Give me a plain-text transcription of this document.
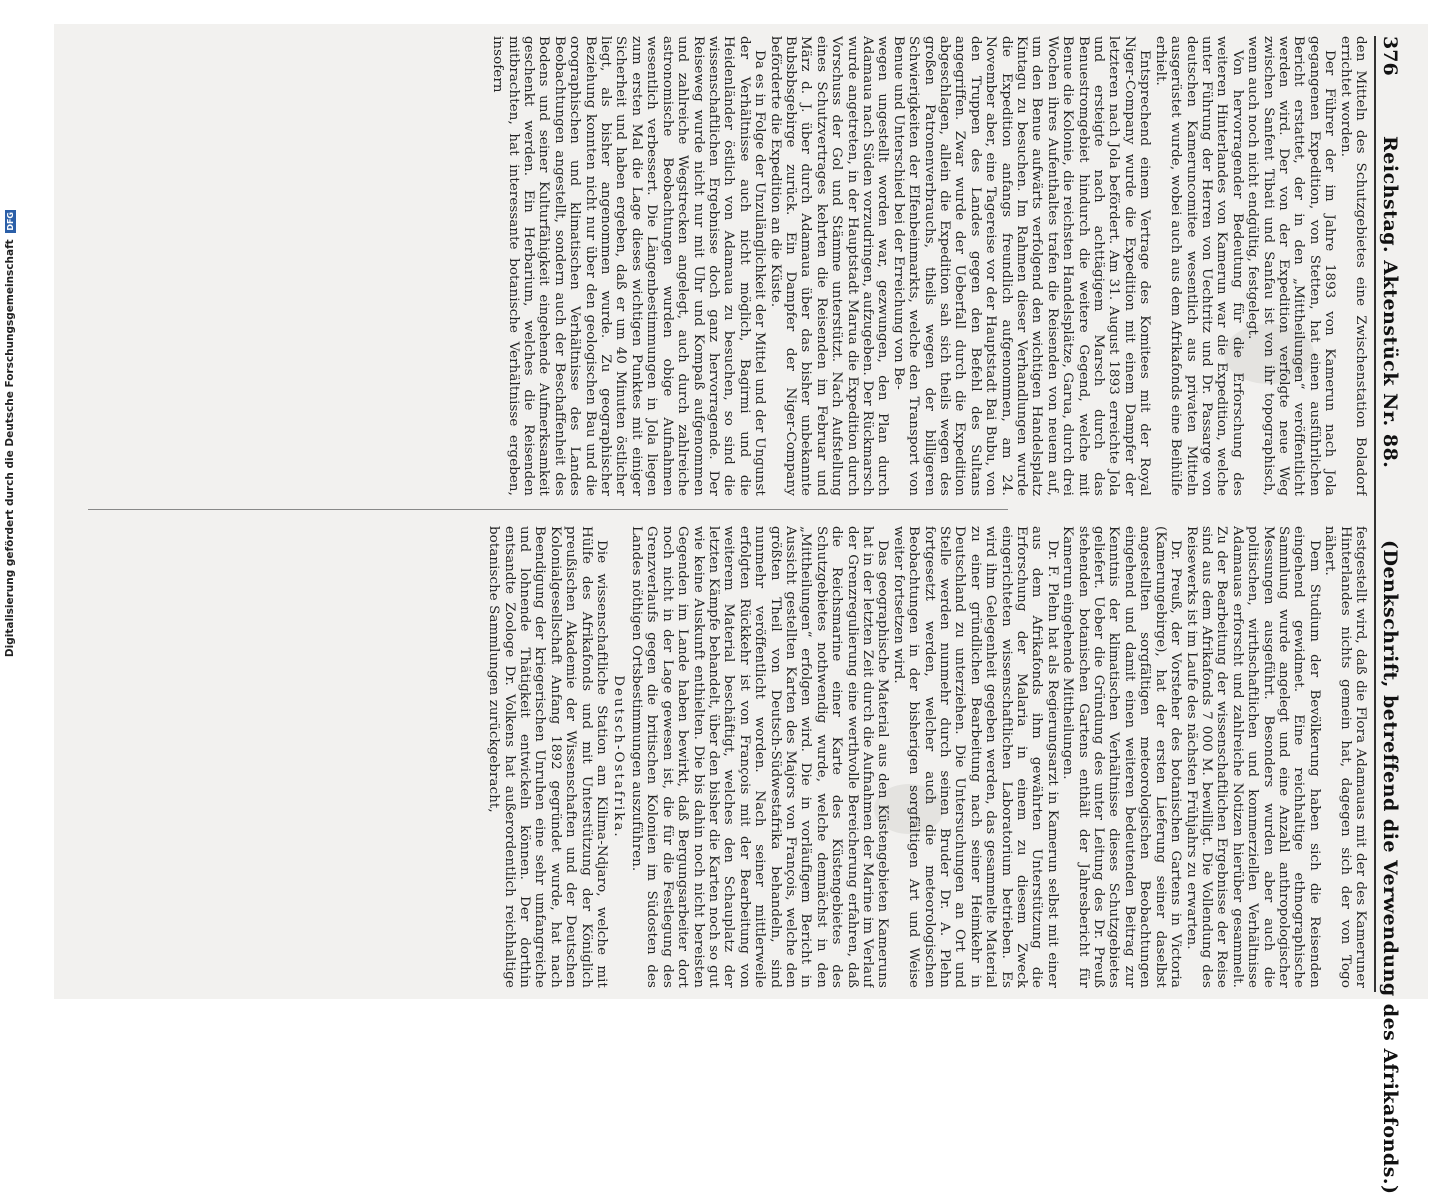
376
Reichstag. Aktenstück Nr. 88.
(Denkschrift, betreffend die Verwendung des Afrikafonds.)

den Mitteln des Schutzgebietes eine Zwischenstation Boladorf errichtet worden.

Der Führer der im Jahre 1893 von Kamerun nach Jola gegangenen Expedition, von Stetten, hat einen ausführlichen Bericht erstattet, der in den „Mittheilungen“ veröffentlicht werden wird. Der von der Expedition verfolgte neue Weg zwischen Sanfent Tibati und Sanfau ist von ihr topographisch, wenn auch noch nicht endgültig, festgelegt.

Von hervorragender Bedeutung für die Erforschung des weiteren Hinterlandes von Kamerun war die Expedition, welche unter Führung der Herren von Uechtritz und Dr. Passarge von deutschen Kameruncomitee wesentlich aus privaten Mitteln ausgerüstet wurde, wobei auch aus dem Afrikafonds eine Beihülfe erhielt.

Entsprechend einem Vertrage des Komitees mit der Royal Niger-Company wurde die Expedition mit einem Dampfer der letzteren nach Jola befördert. Am 31. August 1893 erreichte Jola und ersteigte nach achttägigem Marsch durch das Benuestromgebiet hindurch die weitere Gegend, welche mit Benue die Kolonie, die reichsten Handelsplätze, Garua, durch drei Wochen ihres Aufenthaltes trafen die Reisenden von neuem auf, um den Benue aufwärts verfolgend den wichtigen Handelsplatz Kintagu zu besuchen. Im Rahmen dieser Verhandlungen wurde die Expedition anfangs freundlich aufgenommen, am 24. November aber, eine Tagereise vor der Hauptstadt Bai Bubu, von den Truppen des Landes gegen den Befehl des Sultans angegriffen. Zwar wurde der Ueberfall durch die Expedition abgeschlagen, allein die Expedition sah sich theils wegen des großen Patronenverbrauchs, theils wegen der billigeren Schwierigkeiten der Elfenbeinmarkts, welche den Transport von Benue und Unterschied bei der Erreichung von Be-

wegen ungestellt worden war, gezwungen, den Plan durch Adamaua nach Süden vorzudringen, aufzugeben. Der Rückmarsch wurde angetreten, in der Hauptstadt Marua die Expedition durch Vorschuss der Gol und Stämme unterstützt. Nach Aufstellung eines Schutzvertrages kehrten die Reisenden im Februar und März d. J. über durch Adamaua über das bisher unbekannte Bubsbbsgebirge zurück. Ein Dampfer der Niger-Company beförderte die Expedition an die Küste.

Da es in Folge der Unzulänglichkeit der Mittel und der Ungunst der Verhältnisse auch nicht möglich, Bagirmi und die Heidenländer östlich von Adamaua zu besuchen, so sind die wissenschaftlichen Ergebnisse doch ganz hervorragende. Der Reiseweg wurde nicht nur mit Uhr und Kompaß aufgenommen und zahlreiche Wegstrecken angelegt, auch durch zahlreiche astronomische Beobachtungen wurden obige Aufnahmen wesentlich verbessert. Die Längenbestimmungen in Jola liegen zum ersten Mal die Lage dieses wichtigen Punktes mit einiger Sicherheit und haben ergeben, daß er um 40 Minuten östlicher liegt, als bisher angenommen wurde. Zu geographischer Beziehung konnten nicht nur über den geologischen Bau und die orographischen und klimatischen Verhältnisse des Landes Beobachtungen angestellt, sondern auch der Beschaffenheit des Bodens und seiner Kulturfähigkeit eingehende Aufmerksamkeit geschenkt werden. Ein Herbarium, welches die Reisenden mitbrachten, hat interessante botanische Verhältnisse ergeben, insofern

festgestellt wird, daß die Flora Adamauas mit der des Kameruner Hinterlandes nichts gemein hat, dagegen sich der von Togo nähert.

Dem Studium der Bevölkerung haben sich die Reisenden eingehend gewidmet. Eine reichhaltige ethnographische Sammlung wurde angelegt und eine Anzahl anthropologischer Messungen ausgeführt. Besonders wurden aber auch die politischen, wirthschaftlichen und kommerziellen Verhältnisse Adamauas erforscht und zahlreiche Notizen hierüber gesammelt. Zu der Bearbeitung der wissenschaftlichen Ergebnisse der Reise sind aus dem Afrikafonds 7 000 M. bewilligt. Die Vollendung des Reisewerks ist im Laufe des nächsten Frühjahrs zu erwarten.

Dr. Preuß, der Vorsteher des botanischen Gartens in Victoria (Kamerungebirge), hat der ersten Lieferung seiner daselbst angestellten sorgfältigen meteorologischen Beobachtungen eingehend und damit einen weiteren bedeutenden Beitrag zur Kenntnis der klimatischen Verhältnisse dieses Schutzgebietes geliefert. Ueber die Gründung des unter Leitung des Dr. Preuß stehenden botanischen Gartens enthält der Jahresbericht für Kamerun eingehende Mittheilungen.

Dr. F. Plehn hat als Regierungsarzt in Kamerun selbst mit einer aus dem Afrikafonds ihm gewährten Unterstützung die Erforschung der Malaria in einem zu diesem Zweck eingerichteten wissenschaftlichen Laboratorium betrieben. Es wird ihm Gelegenheit gegeben werden, das gesammelte Material zu einer gründlichen Bearbeitung nach seiner Heimkehr in Deutschland zu unterziehen. Die Untersuchungen an Ort und Stelle werden nunmehr durch seinen Bruder Dr. A. Plehn fortgesetzt werden, welcher auch die meteorologischen Beobachtungen in der bisherigen sorgfältigen Art und Weise weiter fortsetzen wird.

Das geographische Material aus den Küstengebieten Kameruns hat in der letzten Zeit durch die Aufnahmen der Marine im Verlauf der Grenzregulierung eine werthvolle Bereicherung erfahren, daß die Reichsmarine einer Karte des Küstengebietes des Schutzgebietes nothwendig wurde, welche demnächst in den „Mittheilungen“ erfolgen wird. Die in vorläufigem Bericht in Aussicht gestellten Karten des Majors von François, welche den größten Theil von Deutsch-Südwestafrika behandeln, sind nunmehr veröffentlicht worden. Nach seiner mittlerweile erfolgten Rückkehr ist von François mit der Bearbeitung von weiterem Material beschäftigt, welches den Schauplatz der letzten Kämpfe behandelt, über den bisher die Karten noch so gut wie keine Auskunft enthielten. Die bis dahin noch nicht bereisten Gegenden im Lande haben bewirkt, daß Bergungsarbeiter dort noch nicht in der Lage gewesen ist, die für die Festlegung des Grenzverlaufs gegen die britischen Kolonien im Südosten des Landes nöthigen Ortsbestimmungen auszuführen.

Deutsch-Ostafrika.

Die wissenschaftliche Station am Kilima-Ndjaro, welche mit Hülfe des Afrikafonds und mit Unterstützung der Königlich preußischen Akademie der Wissenschaften und der Deutschen Kolonialgesellschaft Anfang 1892 gegründet wurde, hat nach Beendigung der kriegerischen Unruhen eine sehr umfangreiche und lohnende Thätigkeit entwickeln können. Der dorthin entsandte Zoologe Dr. Volkens hat außerordentlich reichhaltige botanische Sammlungen zurückgebracht,

Digitalisierung gefördert durch die Deutsche Forschungsgemeinschaft DFG
